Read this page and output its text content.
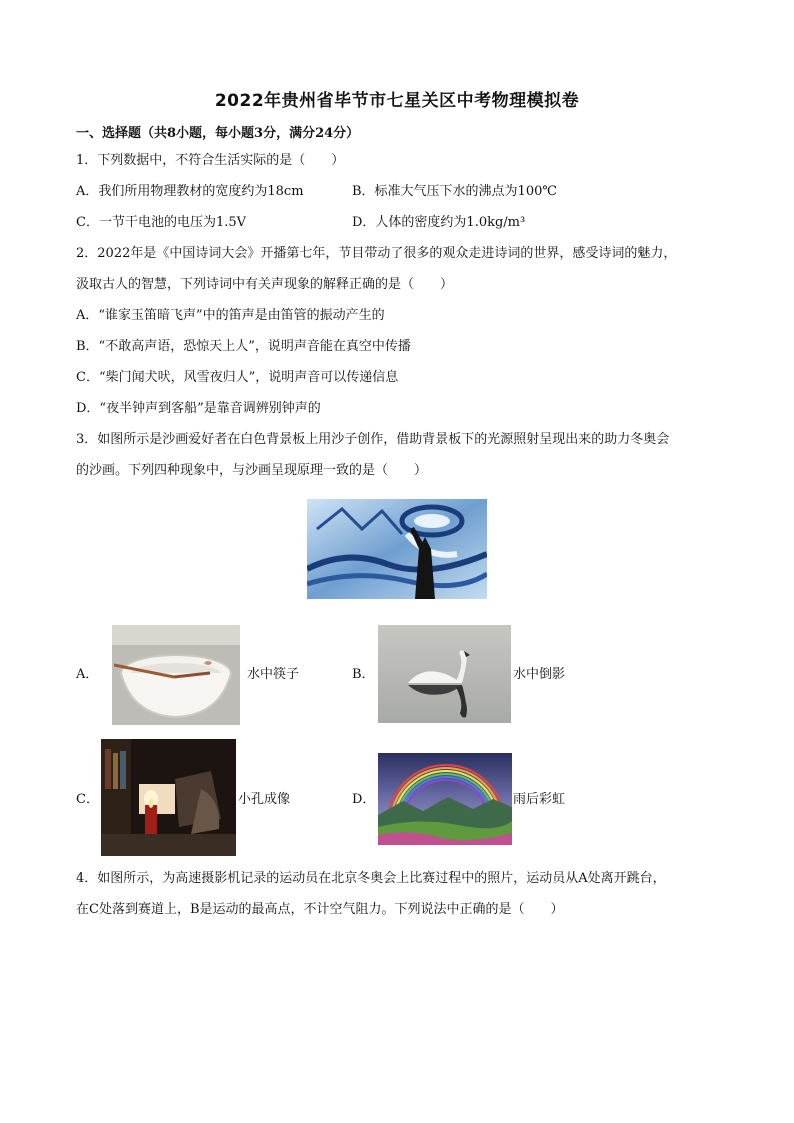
2022年贵州省毕节市七星关区中考物理模拟卷
一、选择题（共8小题，每小题3分，满分24分）
1．下列数据中，不符合生活实际的是（　　）
A．我们所用物理教材的宽度约为18cm	B．标准大气压下水的沸点为100℃
C．一节干电池的电压为1.5V	D．人体的密度约为1.0kg/m³
2．2022年是《中国诗词大会》开播第七年，节目带动了很多的观众走进诗词的世界，感受诗词的魅力，
汲取古人的智慧，下列诗词中有关声现象的解释正确的是（　　）
A．“谁家玉笛暗飞声”中的笛声是由笛管的振动产生的
B．“不敢高声语，恐惊天上人”，说明声音能在真空中传播
C．“柴门闻犬吠，风雪夜归人”，说明声音可以传递信息
D．“夜半钟声到客船”是靠音调辨别钟声的
3．如图所示是沙画爱好者在白色背景板上用沙子创作，借助背景板下的光源照射呈现出来的助力冬奥会
的沙画。下列四种现象中，与沙画呈现原理一致的是（　　）
A．	水中筷子	B．	水中倒影
C．	小孔成像	D．	雨后彩虹
4．如图所示，为高速摄影机记录的运动员在北京冬奥会上比赛过程中的照片，运动员从A处离开跳台，
在C处落到赛道上，B是运动的最高点，不计空气阻力。下列说法中正确的是（　　）
